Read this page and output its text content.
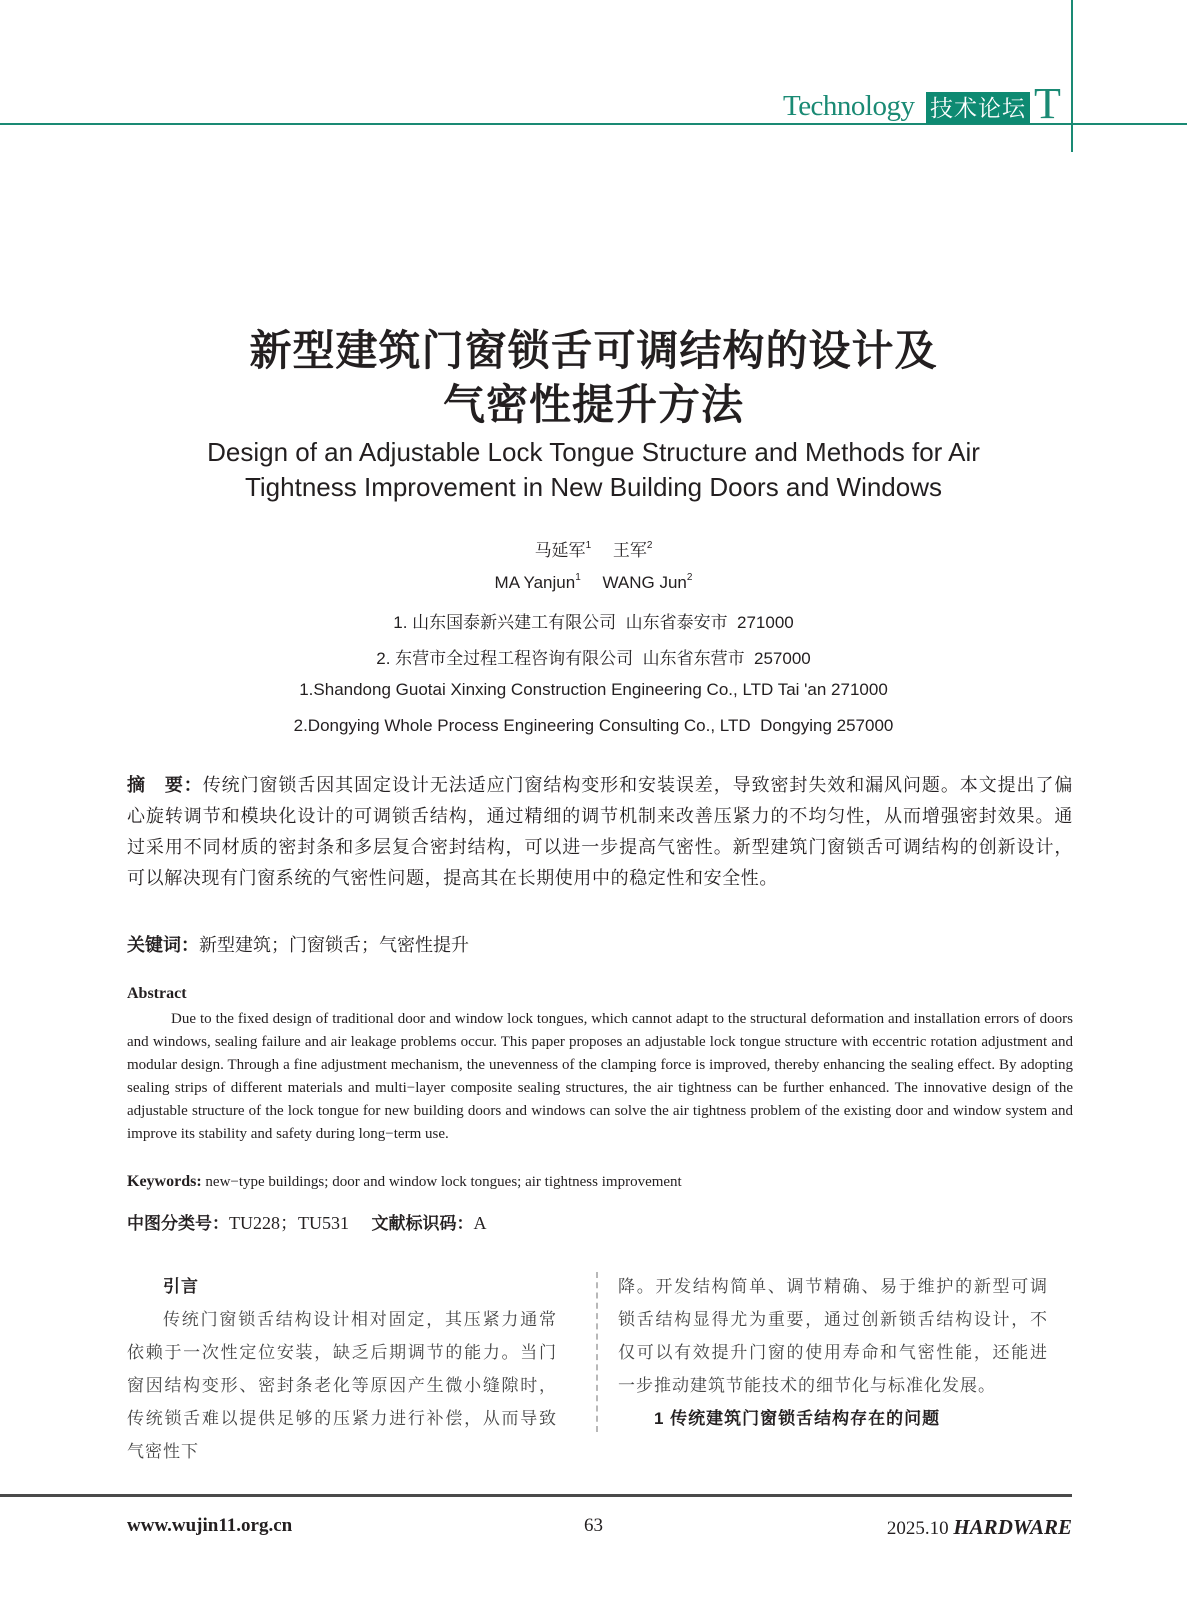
Technology 技术论坛 T
新型建筑门窗锁舌可调结构的设计及
气密性提升方法
Design of an Adjustable Lock Tongue Structure and Methods for Air
Tightness Improvement in New Building Doors and Windows
马延军$^1$   王军$^2$
MA Yanjun$^1$   WANG Jun$^2$
1. 山东国泰新兴建工有限公司  山东省泰安市  271000
2. 东营市全过程工程咨询有限公司  山东省东营市  257000
1.Shandong Guotai Xinxing Construction Engineering Co., LTD Tai 'an 271000
2.Dongying Whole Process Engineering Consulting Co., LTD  Dongying 257000
摘　要：传统门窗锁舌因其固定设计无法适应门窗结构变形和安装误差，导致密封失效和漏风问题。本文提出了偏心旋转调节和模块化设计的可调锁舌结构，通过精细的调节机制来改善压紧力的不均匀性，从而增强密封效果。通过采用不同材质的密封条和多层复合密封结构，可以进一步提高气密性。新型建筑门窗锁舌可调结构的创新设计，可以解决现有门窗系统的气密性问题，提高其在长期使用中的稳定性和安全性。
关键词：新型建筑；门窗锁舌；气密性提升
Abstract
Due to the fixed design of traditional door and window lock tongues, which cannot adapt to the structural deformation and installation errors of doors and windows, sealing failure and air leakage problems occur. This paper proposes an adjustable lock tongue structure with eccentric rotation adjustment and modular design. Through a fine adjustment mechanism, the unevenness of the clamping force is improved, thereby enhancing the sealing effect. By adopting sealing strips of different materials and multi−layer composite sealing structures, the air tightness can be further enhanced. The innovative design of the adjustable structure of the lock tongue for new building doors and windows can solve the air tightness problem of the existing door and window system and improve its stability and safety during long−term use.
Keywords: new−type buildings; door and window lock tongues; air tightness improvement
中图分类号：TU228；TU531  文献标识码：A
引言
传统门窗锁舌结构设计相对固定，其压紧力通常依赖于一次性定位安装，缺乏后期调节的能力。当门窗因结构变形、密封条老化等原因产生微小缝隙时，传统锁舌难以提供足够的压紧力进行补偿，从而导致气密性下
降。开发结构简单、调节精确、易于维护的新型可调锁舌结构显得尤为重要，通过创新锁舌结构设计，不仅可以有效提升门窗的使用寿命和气密性能，还能进一步推动建筑节能技术的细节化与标准化发展。
1 传统建筑门窗锁舌结构存在的问题
www.wujin11.org.cn	63	2025.10 HARDWARE
